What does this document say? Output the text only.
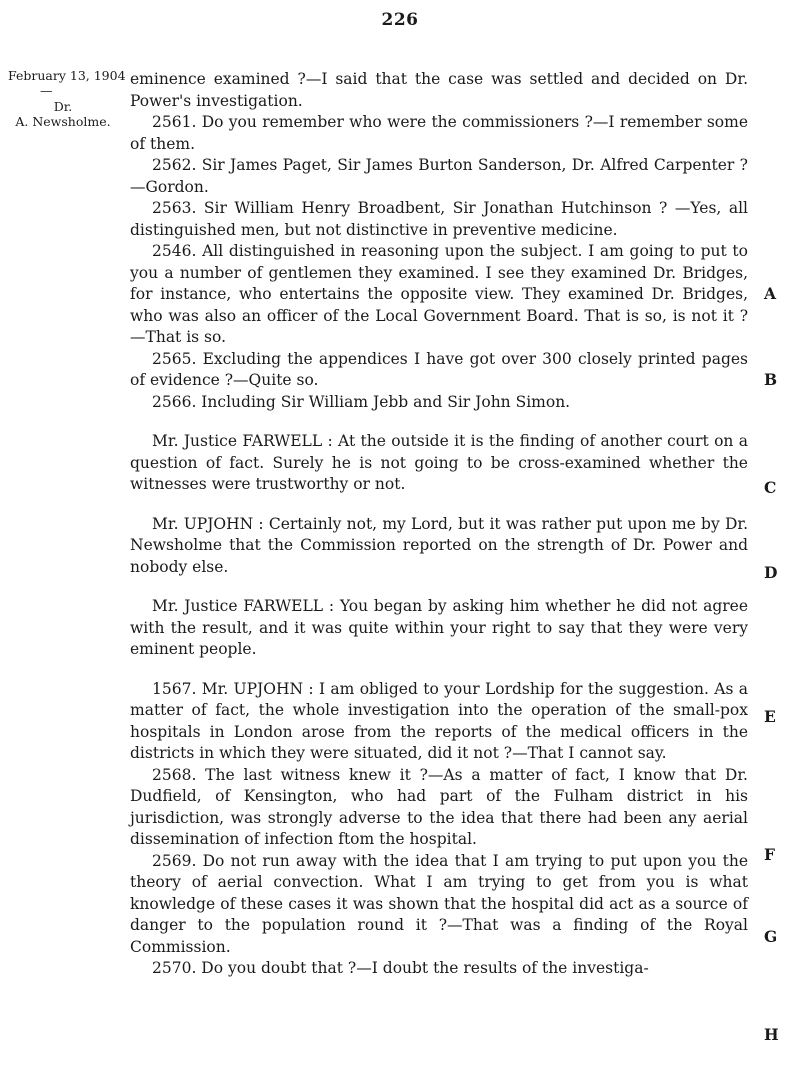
226
February 13, 1904
—
Dr.
A. Newsholme.

eminence examined ?—I said that the case was settled and decided on Dr. Power's investigation.

2561. Do you remember who were the commissioners ?—I remember some of them.

2562. Sir James Paget, Sir James Burton Sanderson, Dr. Alfred Carpenter ?—Gordon.

2563. Sir William Henry Broadbent, Sir Jonathan Hutchinson ? —Yes, all distinguished men, but not distinctive in preventive medicine.

2546. All distinguished in reasoning upon the subject. I am going to put to you a number of gentlemen they examined. I see they examined Dr. Bridges, for instance, who entertains the opposite view. They examined Dr. Bridges, who was also an officer of the Local Government Board. That is so, is not it ?—That is so.

2565. Excluding the appendices I have got over 300 closely printed pages of evidence ?—Quite so.

2566. Including Sir William Jebb and Sir John Simon.

Mr. Justice FARWELL : At the outside it is the finding of another court on a question of fact. Surely he is not going to be cross-examined whether the witnesses were trustworthy or not.

Mr. UPJOHN : Certainly not, my Lord, but it was rather put upon me by Dr. Newsholme that the Commission reported on the strength of Dr. Power and nobody else.

Mr. Justice FARWELL : You began by asking him whether he did not agree with the result, and it was quite within your right to say that they were very eminent people.

1567. Mr. UPJOHN : I am obliged to your Lordship for the suggestion. As a matter of fact, the whole investigation into the operation of the small-pox hospitals in London arose from the reports of the medical officers in the districts in which they were situated, did it not ?—That I cannot say.

2568. The last witness knew it ?—As a matter of fact, I know that Dr. Dudfield, of Kensington, who had part of the Fulham district in his jurisdiction, was strongly adverse to the idea that there had been any aerial dissemination of infection ftom the hospital.

2569. Do not run away with the idea that I am trying to put upon you the theory of aerial convection. What I am trying to get from you is what knowledge of these cases it was shown that the hospital did act as a source of danger to the population round it ?—That was a finding of the Royal Commission.

2570. Do you doubt that ?—I doubt the results of the investiga-

A
B
C
D
E
F
G
H
